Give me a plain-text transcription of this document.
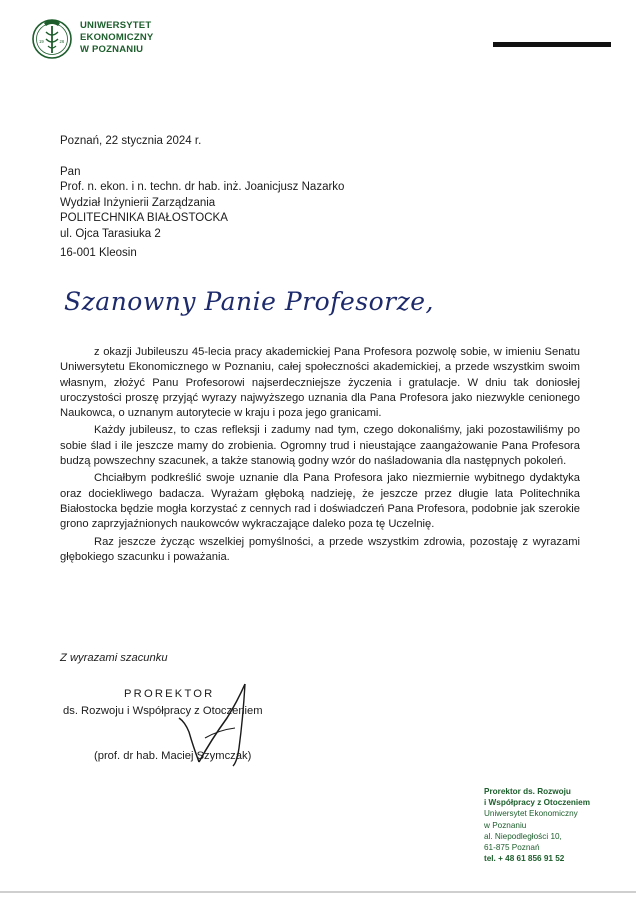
19	26
UNIWERSYTET
EKONOMICZNY
W POZNANIU
Poznań, 22 stycznia 2024 r.
Pan
Prof. n. ekon. i n. techn. dr hab. inż. Joanicjusz Nazarko
Wydział Inżynierii Zarządzania
POLITECHNIKA BIAŁOSTOCKA
ul. Ojca Tarasiuka 2
16-001 Kleosin
Szanowny Panie Profesorze,

z okazji Jubileuszu 45-lecia pracy akademickiej Pana Profesora pozwolę sobie, w imieniu Senatu Uniwersytetu Ekonomicznego w Poznaniu, całej społeczności akademickiej, a przede wszystkim swoim własnym, złożyć Panu Profesorowi najserdeczniejsze życzenia i gratulacje. W dniu tak doniosłej uroczystości proszę przyjąć wyrazy najwyższego uznania dla Pana Profesora jako niezwykle cenionego Naukowca, o uznanym autorytecie w kraju i poza jego granicami.

Każdy jubileusz, to czas refleksji i zadumy nad tym, czego dokonaliśmy, jaki pozostawiliśmy po sobie ślad i ile jeszcze mamy do zrobienia. Ogromny trud i nieustające zaangażowanie Pana Profesora budzą powszechny szacunek, a także stanowią godny wzór do naśladowania dla następnych pokoleń.

Chciałbym podkreślić swoje uznanie dla Pana Profesora jako niezmiernie wybitnego dydaktyka oraz dociekliwego badacza. Wyrażam głęboką nadzieję, że jeszcze przez długie lata Politechnika Białostocka będzie mogła korzystać z cennych rad i doświadczeń Pana Profesora, podobnie jak szerokie grono zaprzyjaźnionych naukowców wykraczające daleko poza tę Uczelnię.

Raz jeszcze życząc wszelkiej pomyślności, a przede wszystkim zdrowia, pozostaję z wyrazami głębokiego szacunku i poważania.

Z wyrazami szacunku
PROREKTOR
ds. Rozwoju i Współpracy z Otoczeniem
(prof. dr hab. Maciej Szymczak)
Prorektor ds. Rozwoju
i Współpracy z Otoczeniem
Uniwersytet Ekonomiczny
w Poznaniu
al. Niepodległości 10,
61-875 Poznań
tel. + 48 61 856 91 52
